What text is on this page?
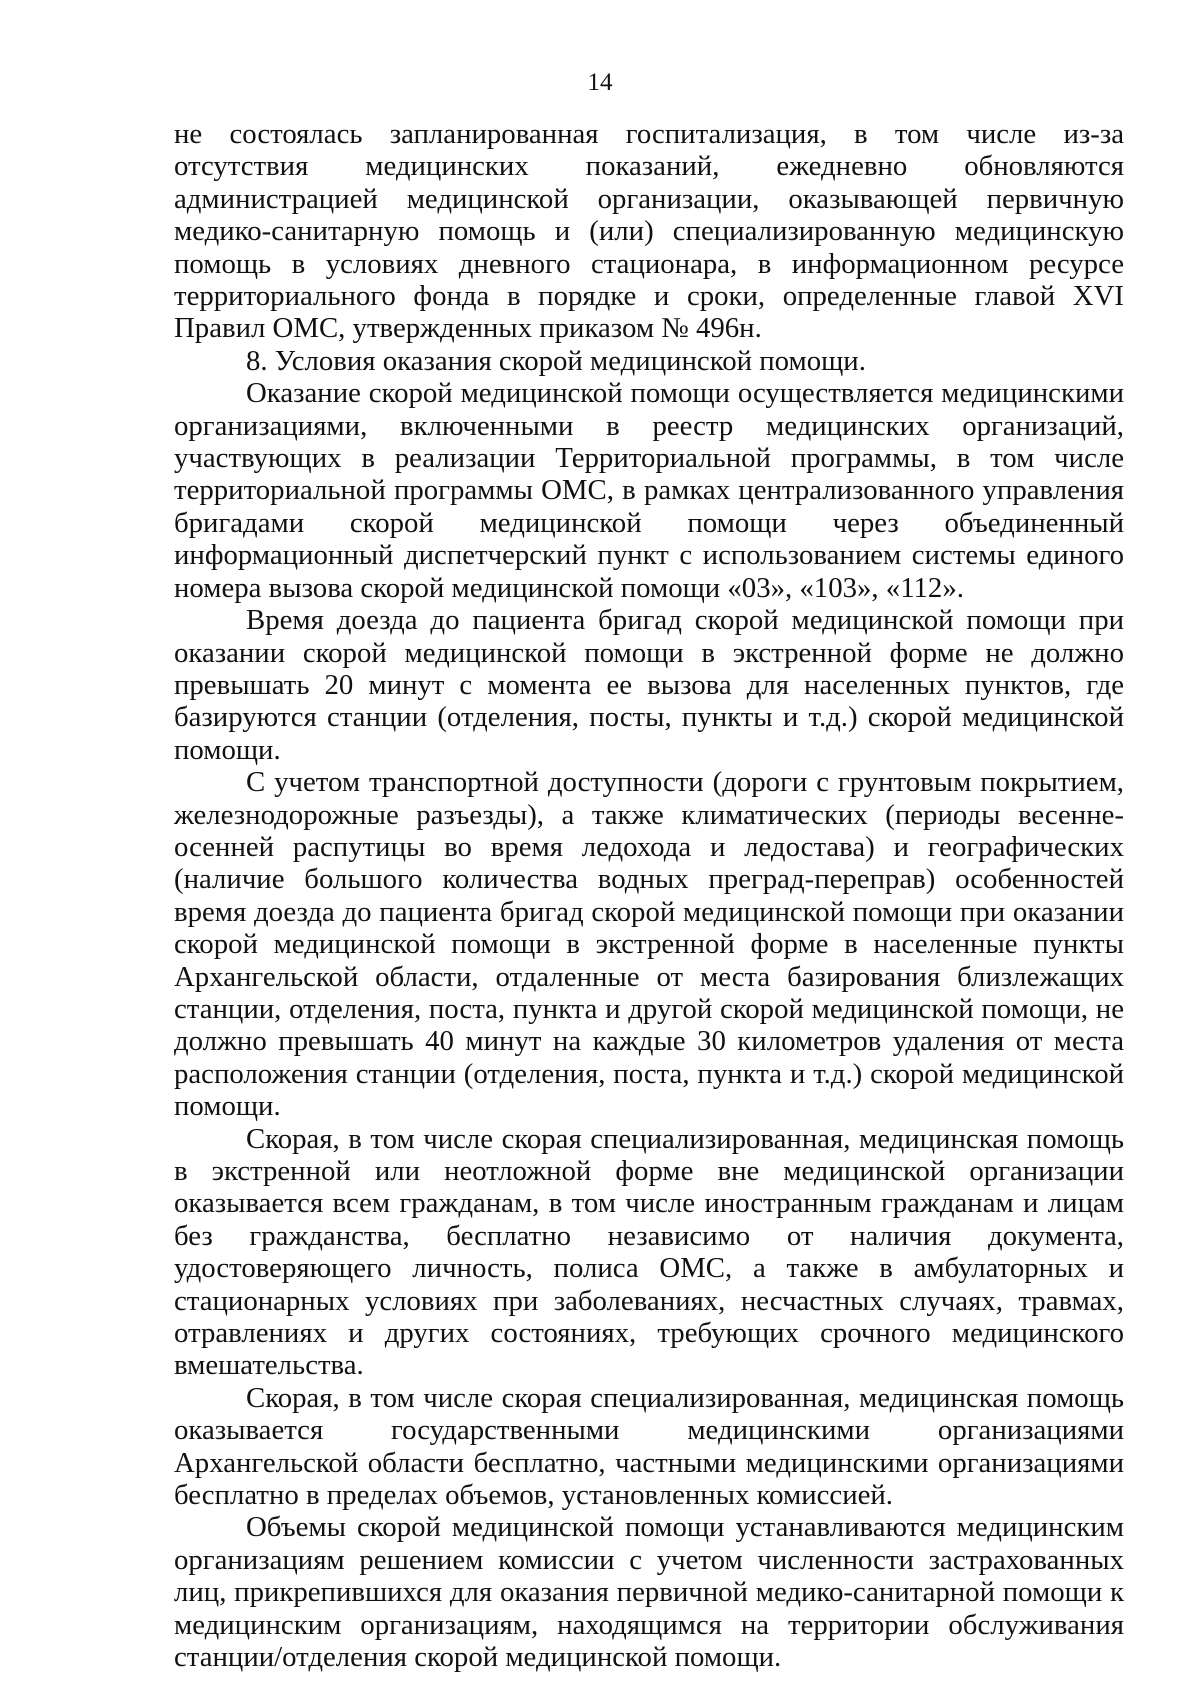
14

не состоялась запланированная госпитализация, в том числе из-за отсутствия медицинских показаний, ежедневно обновляются администрацией медицинской организации, оказывающей первичную медико-санитарную помощь и (или) специализированную медицинскую помощь в условиях дневного стационара, в информационном ресурсе территориального фонда в порядке и сроки, определенные главой XVI Правил ОМС, утвержденных приказом № 496н.

8. Условия оказания скорой медицинской помощи.

Оказание скорой медицинской помощи осуществляется медицинскими организациями, включенными в реестр медицинских организаций, участвующих в реализации Территориальной программы, в том числе территориальной программы ОМС, в рамках централизованного управления бригадами скорой медицинской помощи через объединенный информационный диспетчерский пункт с использованием системы единого номера вызова скорой медицинской помощи «03», «103», «112».

Время доезда до пациента бригад скорой медицинской помощи при оказании скорой медицинской помощи в экстренной форме не должно превышать 20 минут с момента ее вызова для населенных пунктов, где базируются станции (отделения, посты, пункты и т.д.) скорой медицинской помощи.

С учетом транспортной доступности (дороги с грунтовым покрытием, железнодорожные разъезды), а также климатических (периоды весенне-осенней распутицы во время ледохода и ледостава) и географических (наличие большого количества водных преград-переправ) особенностей время доезда до пациента бригад скорой медицинской помощи при оказании скорой медицинской помощи в экстренной форме в населенные пункты Архангельской области, отдаленные от места базирования близлежащих станции, отделения, поста, пункта и другой скорой медицинской помощи, не должно превышать 40 минут на каждые 30 километров удаления от места расположения станции (отделения, поста, пункта и т.д.) скорой медицинской помощи.

Скорая, в том числе скорая специализированная, медицинская помощь в экстренной или неотложной форме вне медицинской организации оказывается всем гражданам, в том числе иностранным гражданам и лицам без гражданства, бесплатно независимо от наличия документа, удостоверяющего личность, полиса ОМС, а также в амбулаторных и стационарных условиях при заболеваниях, несчастных случаях, травмах, отравлениях и других состояниях, требующих срочного медицинского вмешательства.

Скорая, в том числе скорая специализированная, медицинская помощь оказывается государственными медицинскими организациями Архангельской области бесплатно, частными медицинскими организациями бесплатно в пределах объемов, установленных комиссией.

Объемы скорой медицинской помощи устанавливаются медицинским организациям решением комиссии с учетом численности застрахованных лиц, прикрепившихся для оказания первичной медико-санитарной помощи к медицинским организациям, находящимся на территории обслуживания станции/отделения скорой медицинской помощи.
